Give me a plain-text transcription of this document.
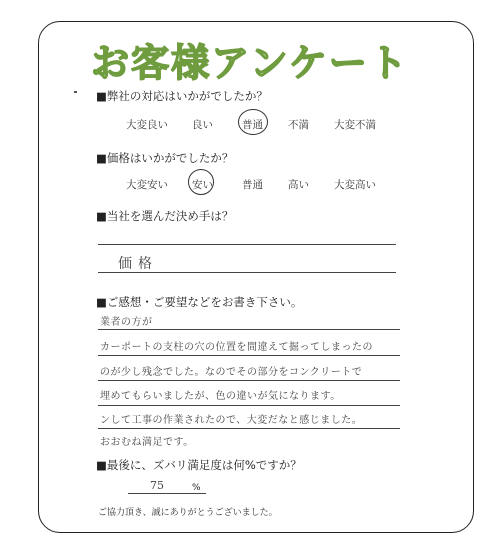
お客様アンケート
■弊社の対応はいかがでしたか？
大変良い 良い	普通 不満 大変不満
■価格はいかがでしたか？
大変安い 安い	普通 高い 大変高い
■当社を選んだ決め手は？
価格
■ご感想・ご要望などをお書き下さい。
業者の方が
カーポートの支柱の穴の位置を間違えて掘ってしまったの
のが少し残念でした。なのでその部分をコンクリートで
埋めてもらいましたが、色の違いが気になります。
ンして工事の作業されたので、大変だなと感じました。
おおむね満足です。
■最後に、ズバリ満足度は何%ですか？
75	%
ご協力頂き、誠にありがとうございました。
